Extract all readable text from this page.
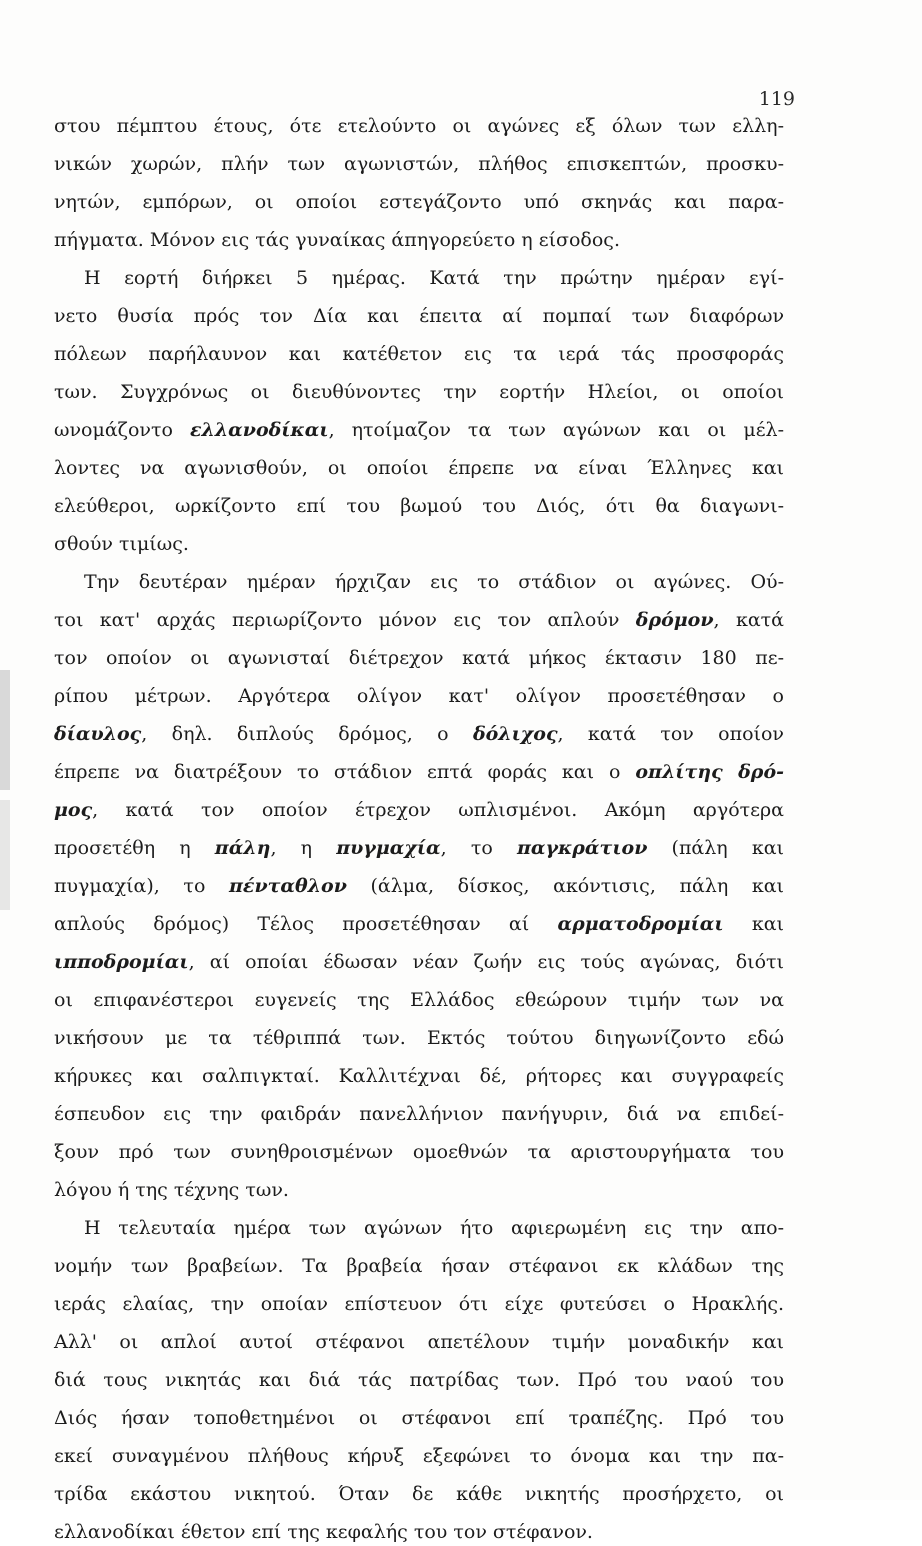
119
στου πέμπτου έτους, ότε ετελούντο οι αγώνες εξ όλων των ελλη-
νικών χωρών, πλήν των αγωνιστών, πλήθος επισκεπτών, προσκυ-
νητών, εμπόρων, οι οποίοι εστεγάζοντο υπό σκηνάς και παρα-
πήγματα. Μόνον εις τάς γυναίκας άπηγορεύετο η είσοδος.
Η εορτή διήρκει 5 ημέρας. Κατά την πρώτην ημέραν εγί-
νετο θυσία πρός τον Δία και έπειτα αί πομπαί των διαφόρων
πόλεων παρήλαυνον και κατέθετον εις τα ιερά τάς προσφοράς
των. Συγχρόνως οι διευθύνοντες την εορτήν Ηλείοι, οι οποίοι
ωνομάζοντο ελλανοδίκαι, ητοίμαζον τα των αγώνων και οι μέλ-
λοντες να αγωνισθούν, οι οποίοι έπρεπε να είναι Έλληνες και
ελεύθεροι, ωρκίζοντο επί του βωμού του Διός, ότι θα διαγωνι-
σθούν τιμίως.
Την δευτέραν ημέραν ήρχιζαν εις το στάδιον οι αγώνες. Ού-
τοι κατ' αρχάς περιωρίζοντο μόνον εις τον απλούν δρόμον, κατά
τον οποίον οι αγωνισταί διέτρεχον κατά μήκος έκτασιν 180 πε-
ρίπου μέτρων. Αργότερα ολίγον κατ' ολίγον προσετέθησαν ο
δίαυλος, δηλ. διπλούς δρόμος, ο δόλιχος, κατά τον οποίον
έπρεπε να διατρέξουν το στάδιον επτά φοράς και ο οπλίτης δρό-
μος, κατά τον οποίον έτρεχον ωπλισμένοι. Ακόμη αργότερα
προσετέθη η πάλη, η πυγμαχία, το παγκράτιον (πάλη και
πυγμαχία), το πένταθλον (άλμα, δίσκος, ακόντισις, πάλη και
απλούς δρόμος) Τέλος προσετέθησαν αί αρματοδρομίαι και
ιπποδρομίαι, αί οποίαι έδωσαν νέαν ζωήν εις τούς αγώνας, διότι
οι επιφανέστεροι ευγενείς της Ελλάδος εθεώρουν τιμήν των να
νικήσουν με τα τέθριππά των. Εκτός τούτου διηγωνίζοντο εδώ
κήρυκες και σαλπιγκταί. Καλλιτέχναι δέ, ρήτορες και συγγραφείς
έσπευδον εις την φαιδράν πανελλήνιον πανήγυριν, διά να επιδεί-
ξουν πρό των συνηθροισμένων ομοεθνών τα αριστουργήματα του
λόγου ή της τέχνης των.
Η τελευταία ημέρα των αγώνων ήτο αφιερωμένη εις την απο-
νομήν των βραβείων. Τα βραβεία ήσαν στέφανοι εκ κλάδων της
ιεράς ελαίας, την οποίαν επίστευον ότι είχε φυτεύσει ο Ηρακλής.
Αλλ' οι απλοί αυτοί στέφανοι απετέλουν τιμήν μοναδικήν και
διά τους νικητάς και διά τάς πατρίδας των. Πρό του ναού του
Διός ήσαν τοποθετημένοι οι στέφανοι επί τραπέζης. Πρό του
εκεί συναγμένου πλήθους κήρυξ εξεφώνει το όνομα και την πα-
τρίδα εκάστου νικητού. Όταν δε κάθε νικητής προσήρχετο, οι
ελλανοδίκαι έθετον επί της κεφαλής του τον στέφανον.
